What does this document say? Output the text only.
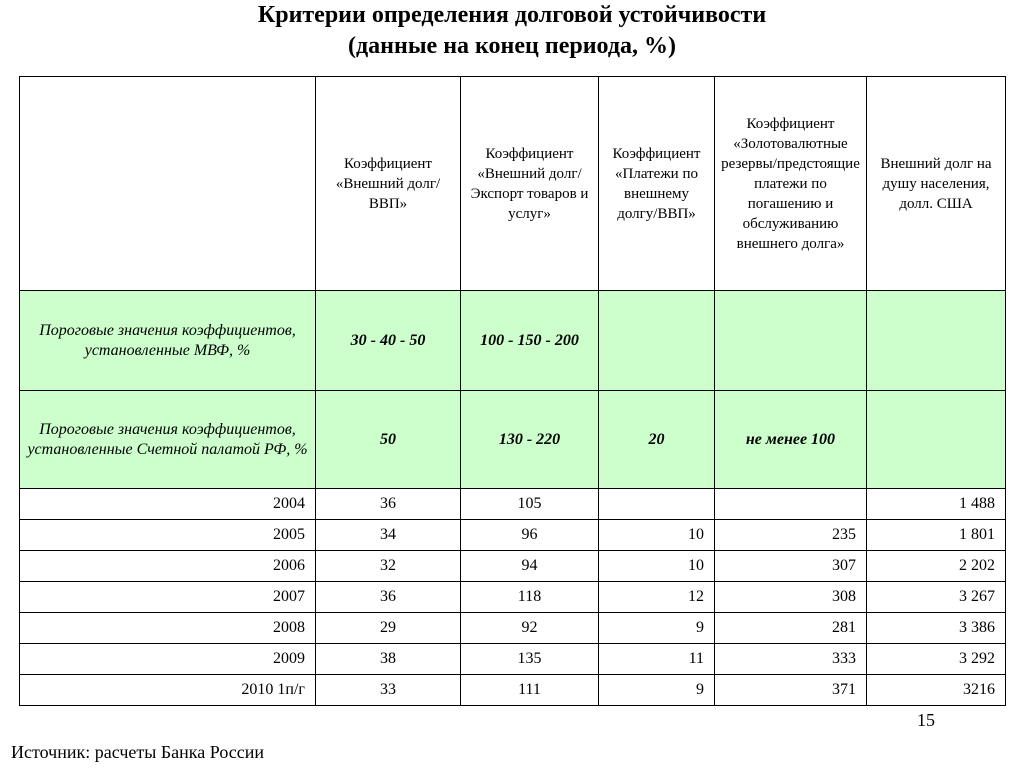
Критерии определения долговой устойчивости
(данные на конец периода, %)
	Коэффициент «Внешний долг/ВВП»	Коэффициент «Внешний долг/Экспорт товаров и услуг»	Коэффициент «Платежи по внешнему долгу/ВВП»	Коэффициент «Золотовалютные резервы/предстоящие платежи по погашению и обслуживанию внешнего долга»	Внешний долг на душу населения, долл. США
Пороговые значения коэффициентов, установленные МВФ, %	30 - 40 - 50	100 - 150 - 200			
Пороговые значения коэффициентов, установленные Счетной палатой РФ, %	50	130 - 220	20	не менее 100	
2004	36	105			1 488
2005	34	96	10	235	1 801
2006	32	94	10	307	2 202
2007	36	118	12	308	3 267
2008	29	92	9	281	3 386
2009	38	135	11	333	3 292
2010 1п/г	33	111	9	371	3216
15
Источник: расчеты Банка России
